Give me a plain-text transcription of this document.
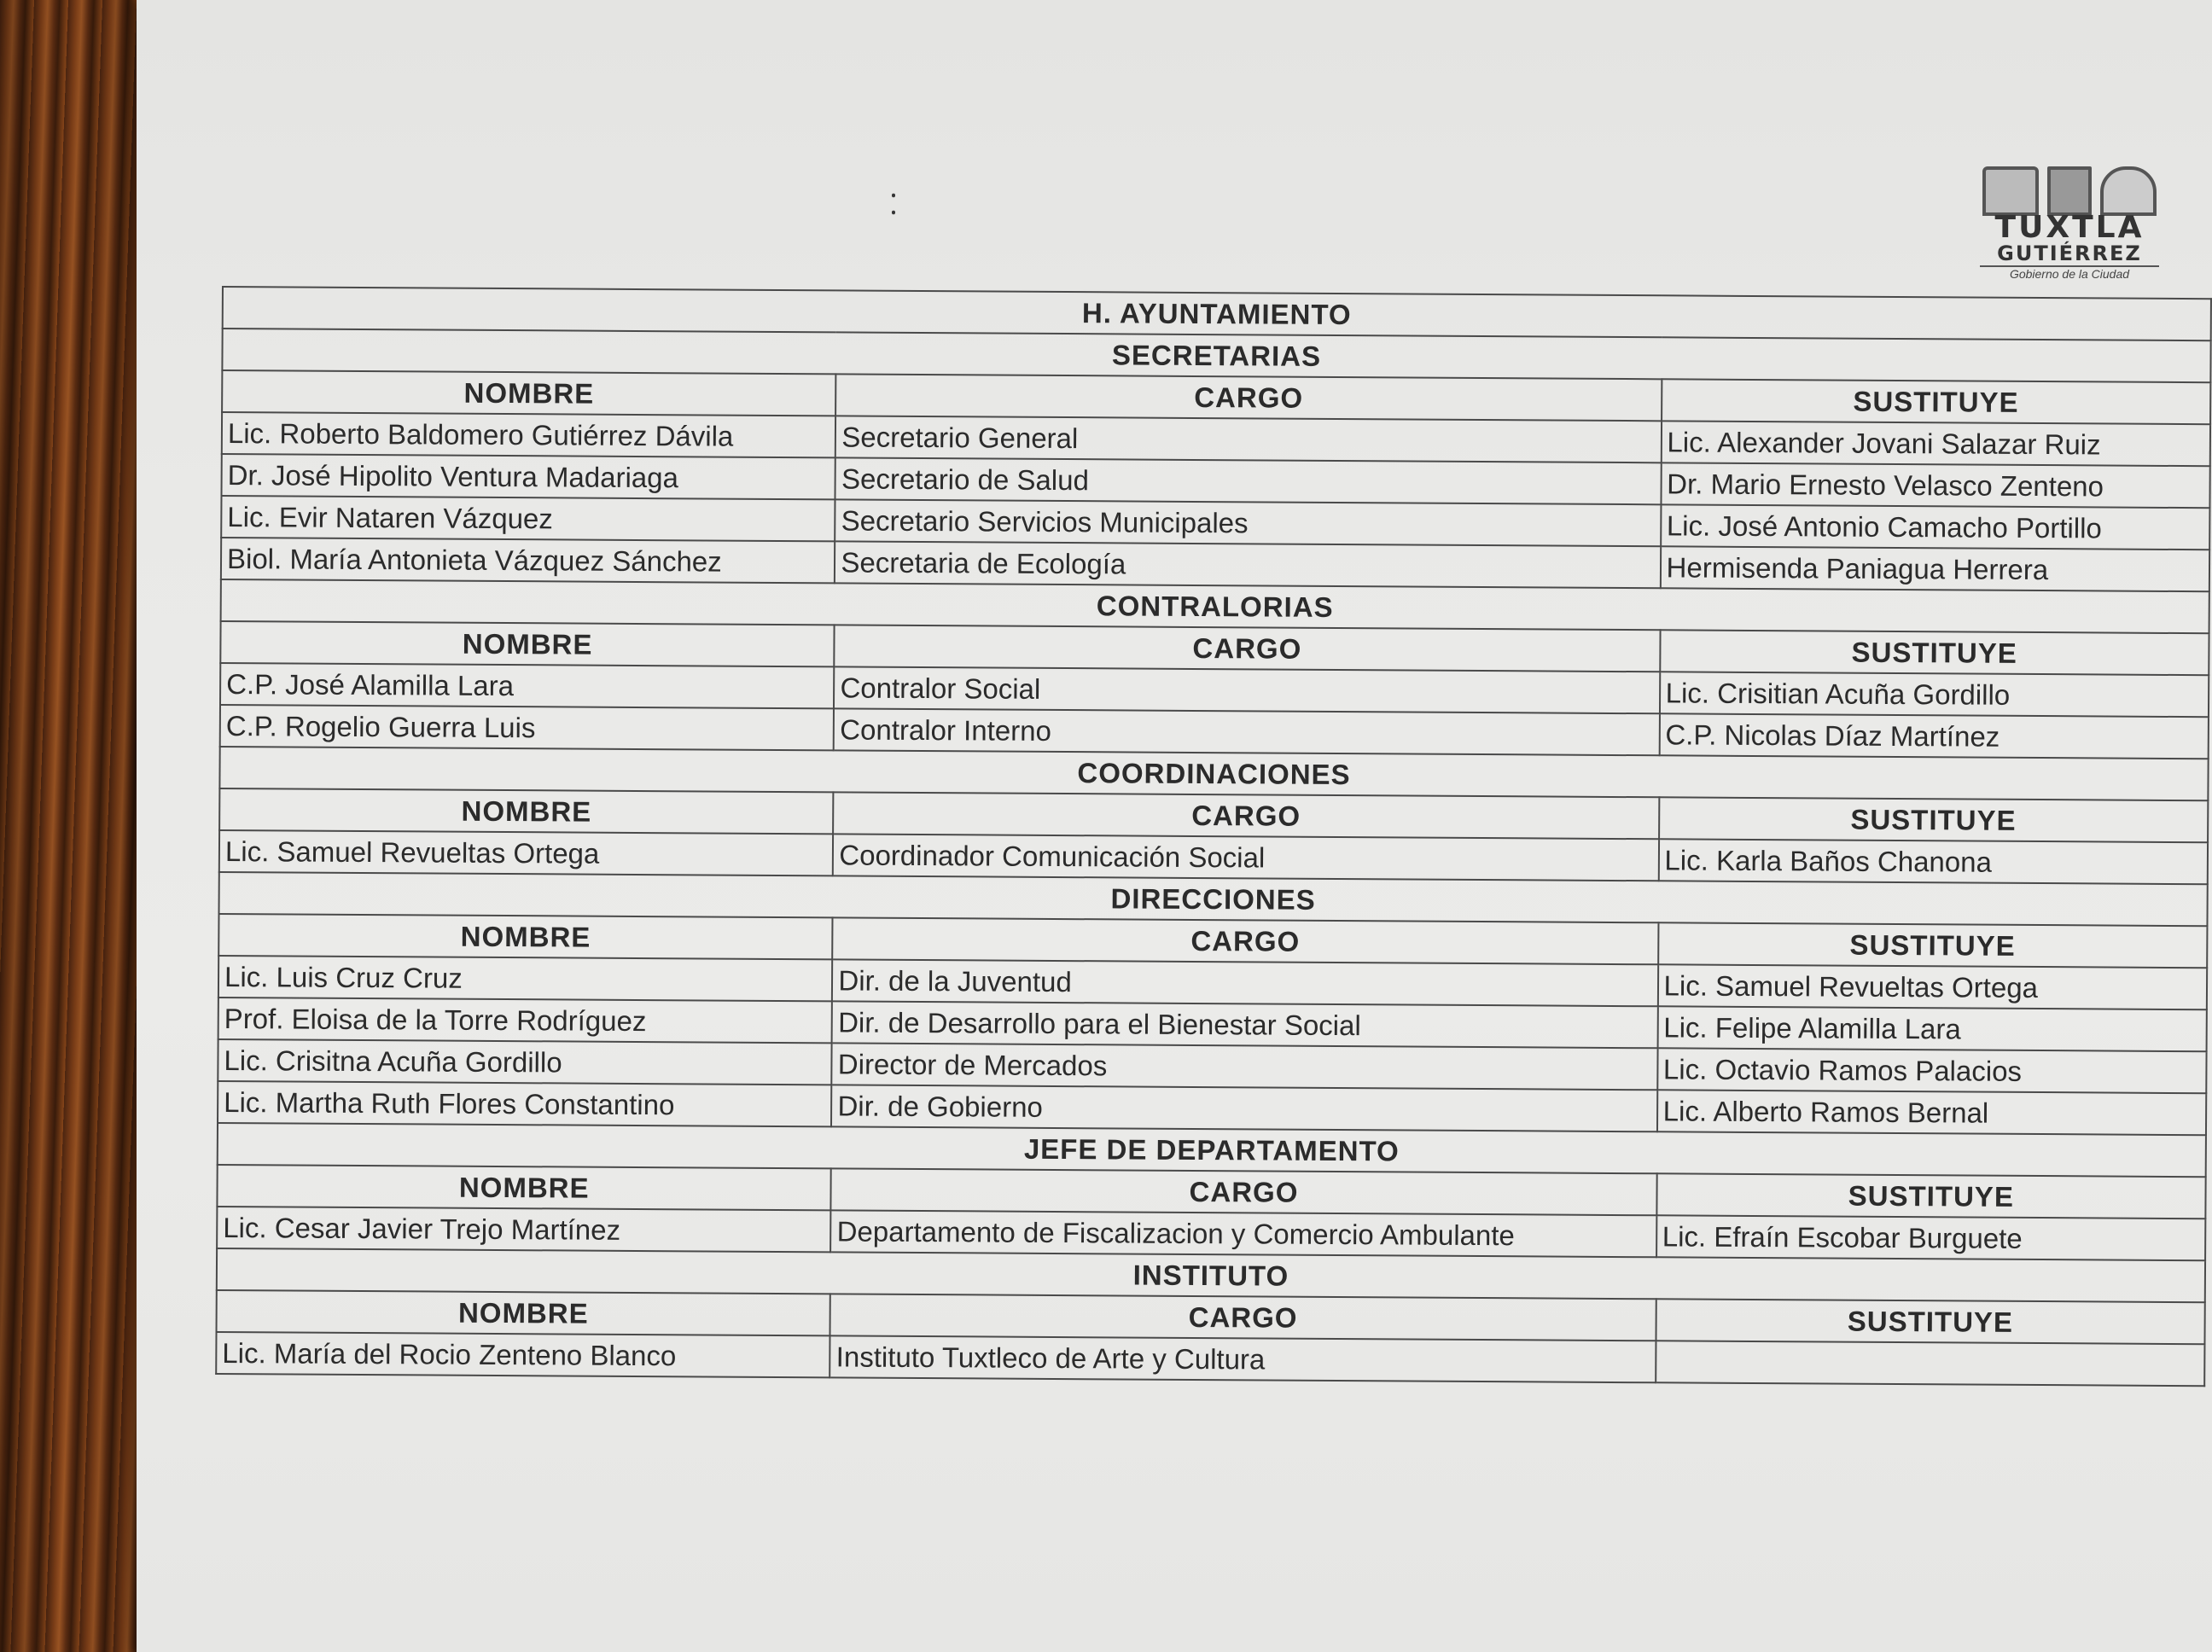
TUXTLA
GUTIÉRREZ
Gobierno de la Ciudad
H. AYUNTAMIENTO		
SECRETARIAS		
NOMBRE	CARGO	SUSTITUYE
Lic. Roberto Baldomero Gutiérrez Dávila	Secretario General	Lic. Alexander Jovani Salazar Ruiz
Dr. José Hipolito Ventura Madariaga	Secretario de Salud	Dr. Mario Ernesto Velasco Zenteno
Lic. Evir Nataren Vázquez	Secretario Servicios Municipales	Lic. José Antonio Camacho Portillo
Biol. María Antonieta Vázquez Sánchez	Secretaria de Ecología	Hermisenda Paniagua Herrera
CONTRALORIAS		
NOMBRE	CARGO	SUSTITUYE
C.P. José Alamilla Lara	Contralor Social	Lic. Crisitian Acuña Gordillo
C.P. Rogelio Guerra Luis	Contralor Interno	C.P. Nicolas Díaz Martínez
COORDINACIONES		
NOMBRE	CARGO	SUSTITUYE
Lic. Samuel Revueltas Ortega	Coordinador Comunicación Social	Lic. Karla Baños Chanona
DIRECCIONES		
NOMBRE	CARGO	SUSTITUYE
Lic. Luis Cruz Cruz	Dir. de la Juventud	Lic. Samuel Revueltas Ortega
Prof. Eloisa de la Torre Rodríguez	Dir. de Desarrollo para el Bienestar Social	Lic. Felipe Alamilla Lara
Lic. Crisitna Acuña Gordillo	Director de Mercados	Lic. Octavio Ramos Palacios
Lic. Martha Ruth Flores Constantino	Dir. de Gobierno	Lic. Alberto Ramos Bernal
JEFE DE DEPARTAMENTO		
NOMBRE	CARGO	SUSTITUYE
Lic. Cesar Javier Trejo Martínez	Departamento de Fiscalizacion y Comercio Ambulante	Lic. Efraín Escobar Burguete
INSTITUTO		
NOMBRE	CARGO	SUSTITUYE
Lic. María del Rocio Zenteno Blanco	Instituto Tuxtleco de Arte y Cultura	
